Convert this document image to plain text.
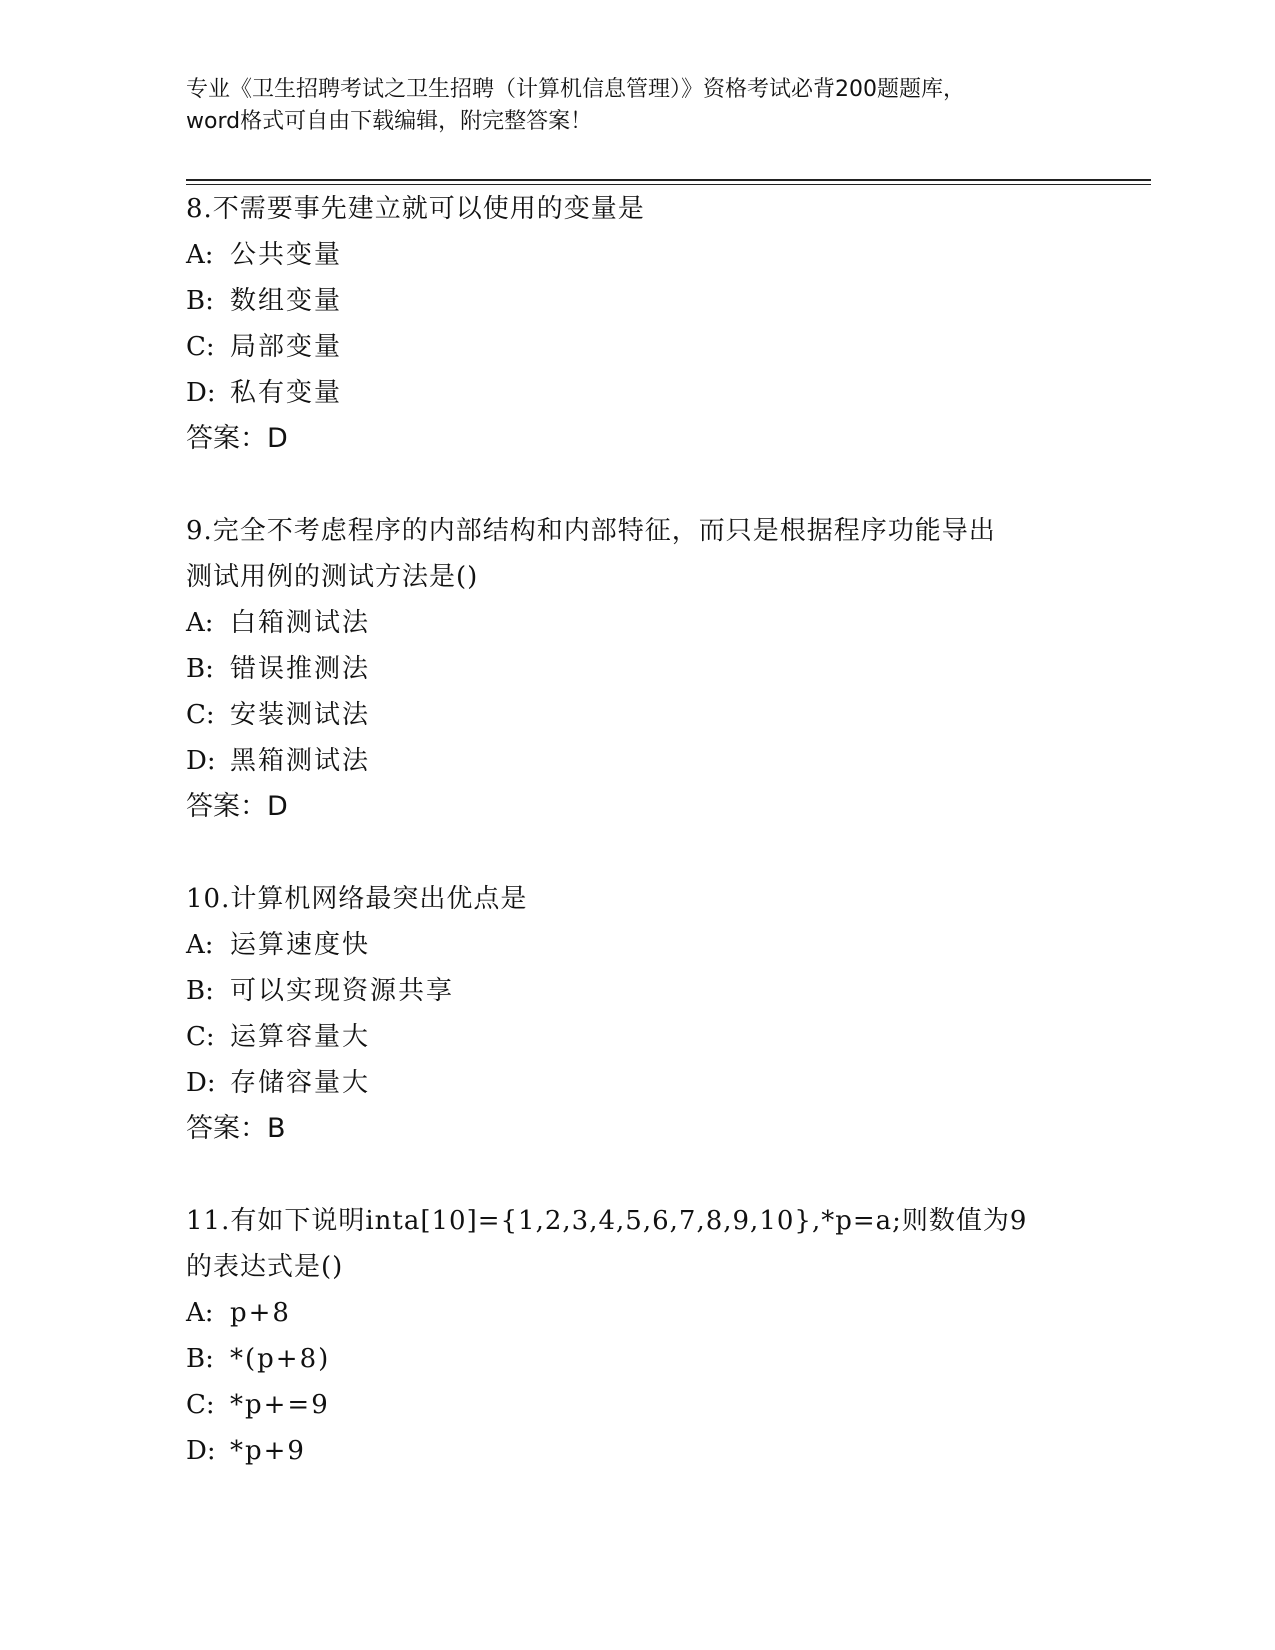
专业《卫生招聘考试之卫生招聘（计算机信息管理）》资格考试必背200题题库，
word格式可自由下载编辑，附完整答案！
8.不需要事先建立就可以使用的变量是
A: 公共变量
B: 数组变量
C: 局部变量
D: 私有变量
答案：D
9.完全不考虑程序的内部结构和内部特征，而只是根据程序功能导出
测试用例的测试方法是()
A: 白箱测试法
B: 错误推测法
C: 安装测试法
D: 黑箱测试法
答案：D
10.计算机网络最突出优点是
A: 运算速度快
B: 可以实现资源共享
C: 运算容量大
D: 存储容量大
答案：B
11.有如下说明inta[10]={1,2,3,4,5,6,7,8,9,10},*p=a;则数值为9
的表达式是()
A: p+8
B: *(p+8)
C: *p+=9
D: *p+9
